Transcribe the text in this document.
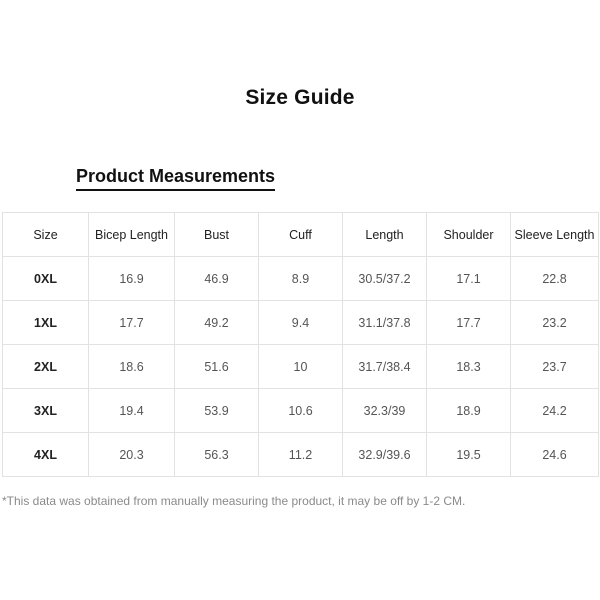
Size Guide
Product Measurements
Size	Bicep Length	Bust	Cuff	Length	Shoulder	Sleeve Length
0XL	16.9	46.9	8.9	30.5/37.2	17.1	22.8
1XL	17.7	49.2	9.4	31.1/37.8	17.7	23.2
2XL	18.6	51.6	10	31.7/38.4	18.3	23.7
3XL	19.4	53.9	10.6	32.3/39	18.9	24.2
4XL	20.3	56.3	11.2	32.9/39.6	19.5	24.6
*This data was obtained from manually measuring the product, it may be off by 1-2 CM.
